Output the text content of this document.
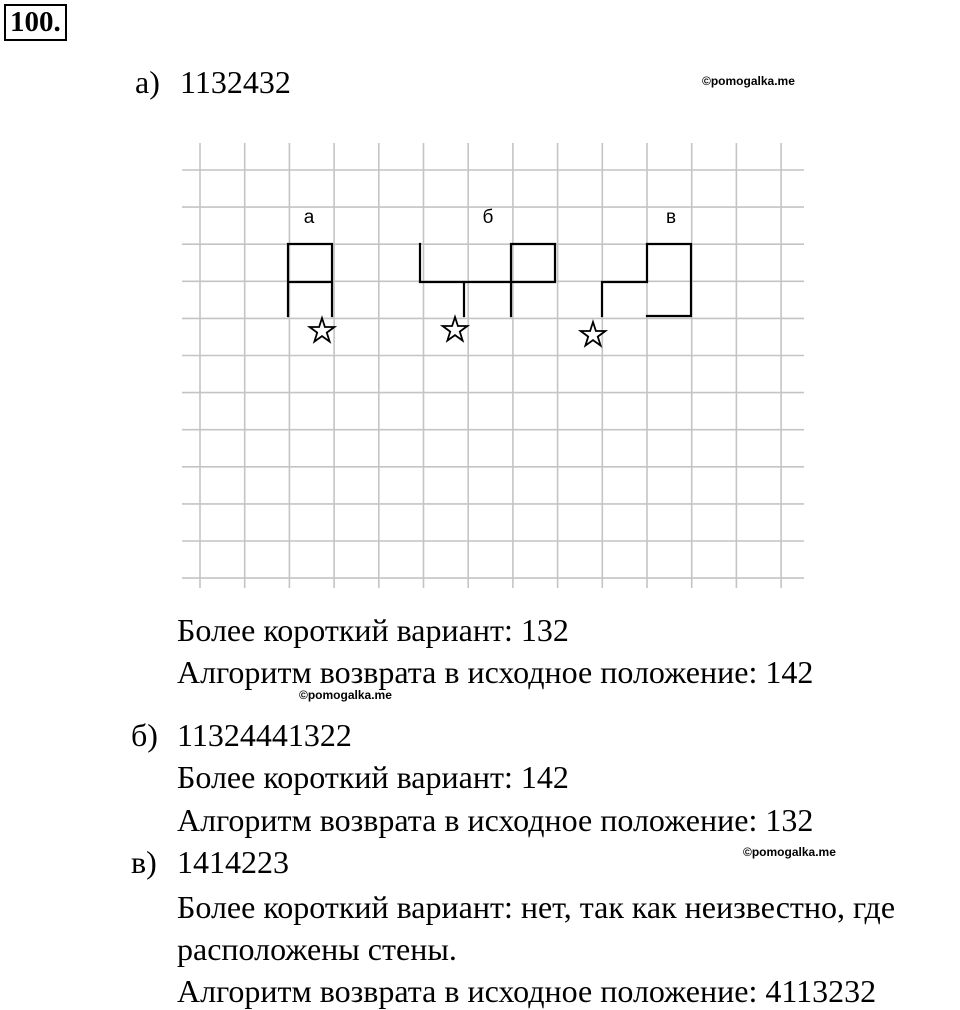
100.
а) 1132432	©pomogalka.me
а	б	в
Более короткий вариант: 132
Алгоритм возврата в исходное положение: 142
©pomogalka.me
б) 11324441322
Более короткий вариант: 142
Алгоритм возврата в исходное положение: 132
в) 1414223	©pomogalka.me
Более короткий вариант: нет, так как неизвестно, где
расположены стены.
Алгоритм возврата в исходное положение: 4113232
